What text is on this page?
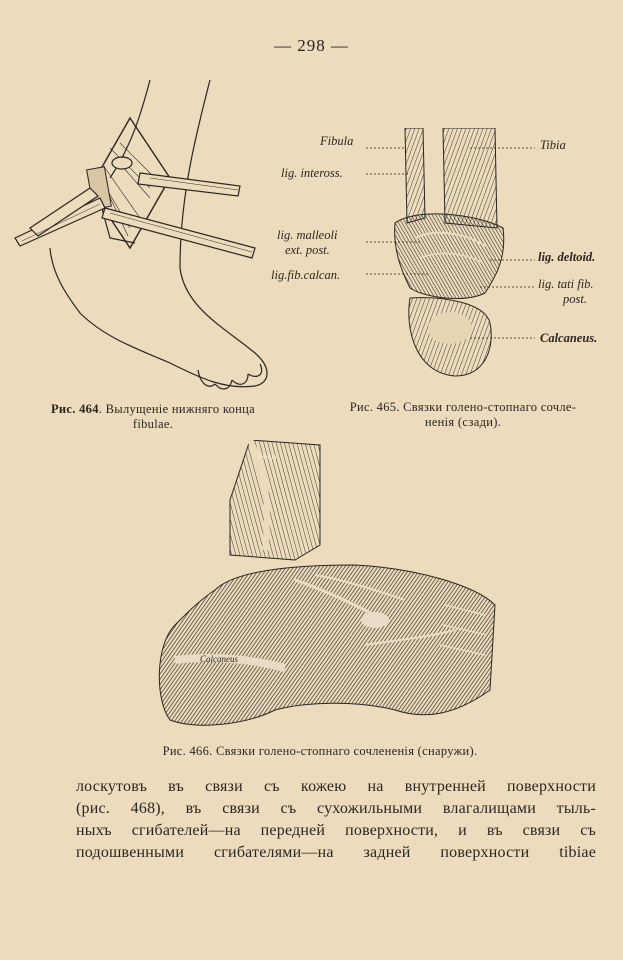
— 298 —
Fibula	Tibia
lig. inteross.
lig. malleoli
ext. post.
lig.fib.calcan.
lig. deltoid.
lig. tati fib.
post.
Calcaneus.
Рис. 464. Вылущеніе нижняго конца
fibulae.
Рис. 465. Связки голено-стопнаго сочле-
ненія (сзади).
Fibula
Calcaneus
Рис. 466. Связки голено-стопнаго сочлененія (снаружи).
лоскутовъ въ связи съ кожею на внутренней поверхности
(рис. 468), въ связи съ сухожильными влагалищами тыль-
ныхъ сгибателей—на передней поверхности, и въ связи съ
подошвенными сгибателями—на задней поверхности tibiae
